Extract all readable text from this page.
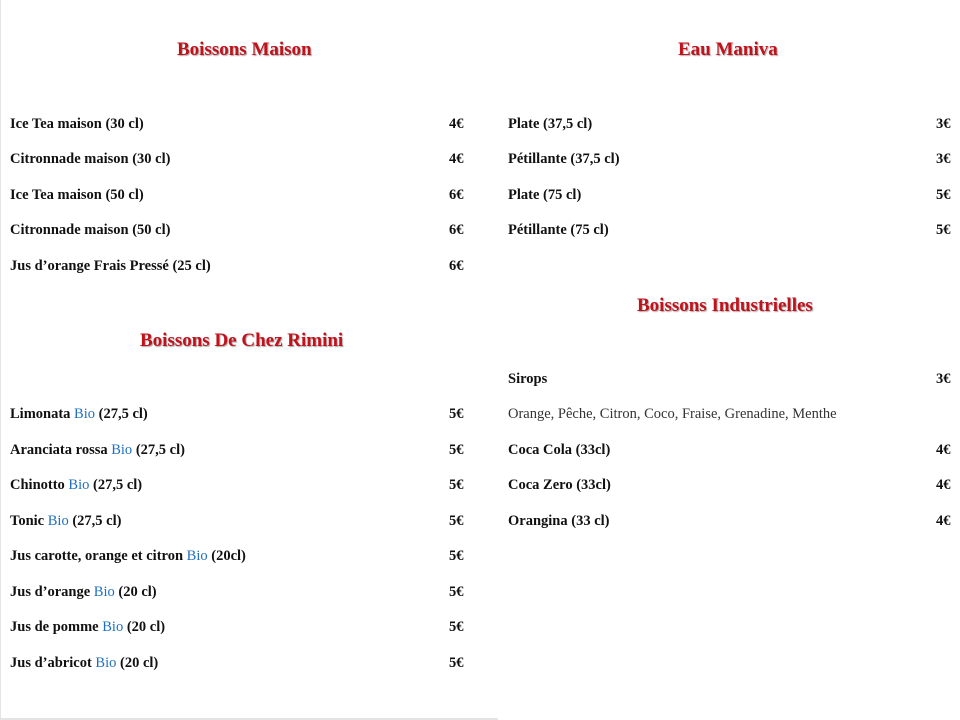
Boissons Maison
Ice Tea maison (30 cl)	4€
Citronnade maison (30 cl)	4€
Ice Tea maison (50 cl)	6€
Citronnade maison (50 cl)	6€
Jus d’orange Frais Pressé (25 cl)	6€
Boissons De Chez Rimini
Limonata Bio (27,5 cl)	5€
Aranciata rossa Bio (27,5 cl)	5€
Chinotto Bio (27,5 cl)	5€
Tonic Bio (27,5 cl)	5€
Jus carotte, orange et citron Bio (20cl)	5€
Jus d’orange Bio (20 cl)	5€
Jus de pomme Bio (20 cl)	5€
Jus d’abricot Bio (20 cl)	5€
Eau Maniva
Plate (37,5 cl)	3€
Pétillante (37,5 cl)	3€
Plate (75 cl)	5€
Pétillante (75 cl)	5€
Boissons Industrielles
Sirops	3€
Orange, Pêche, Citron, Coco, Fraise, Grenadine, Menthe
Coca Cola (33cl)	4€
Coca Zero (33cl)	4€
Orangina (33 cl)	4€
